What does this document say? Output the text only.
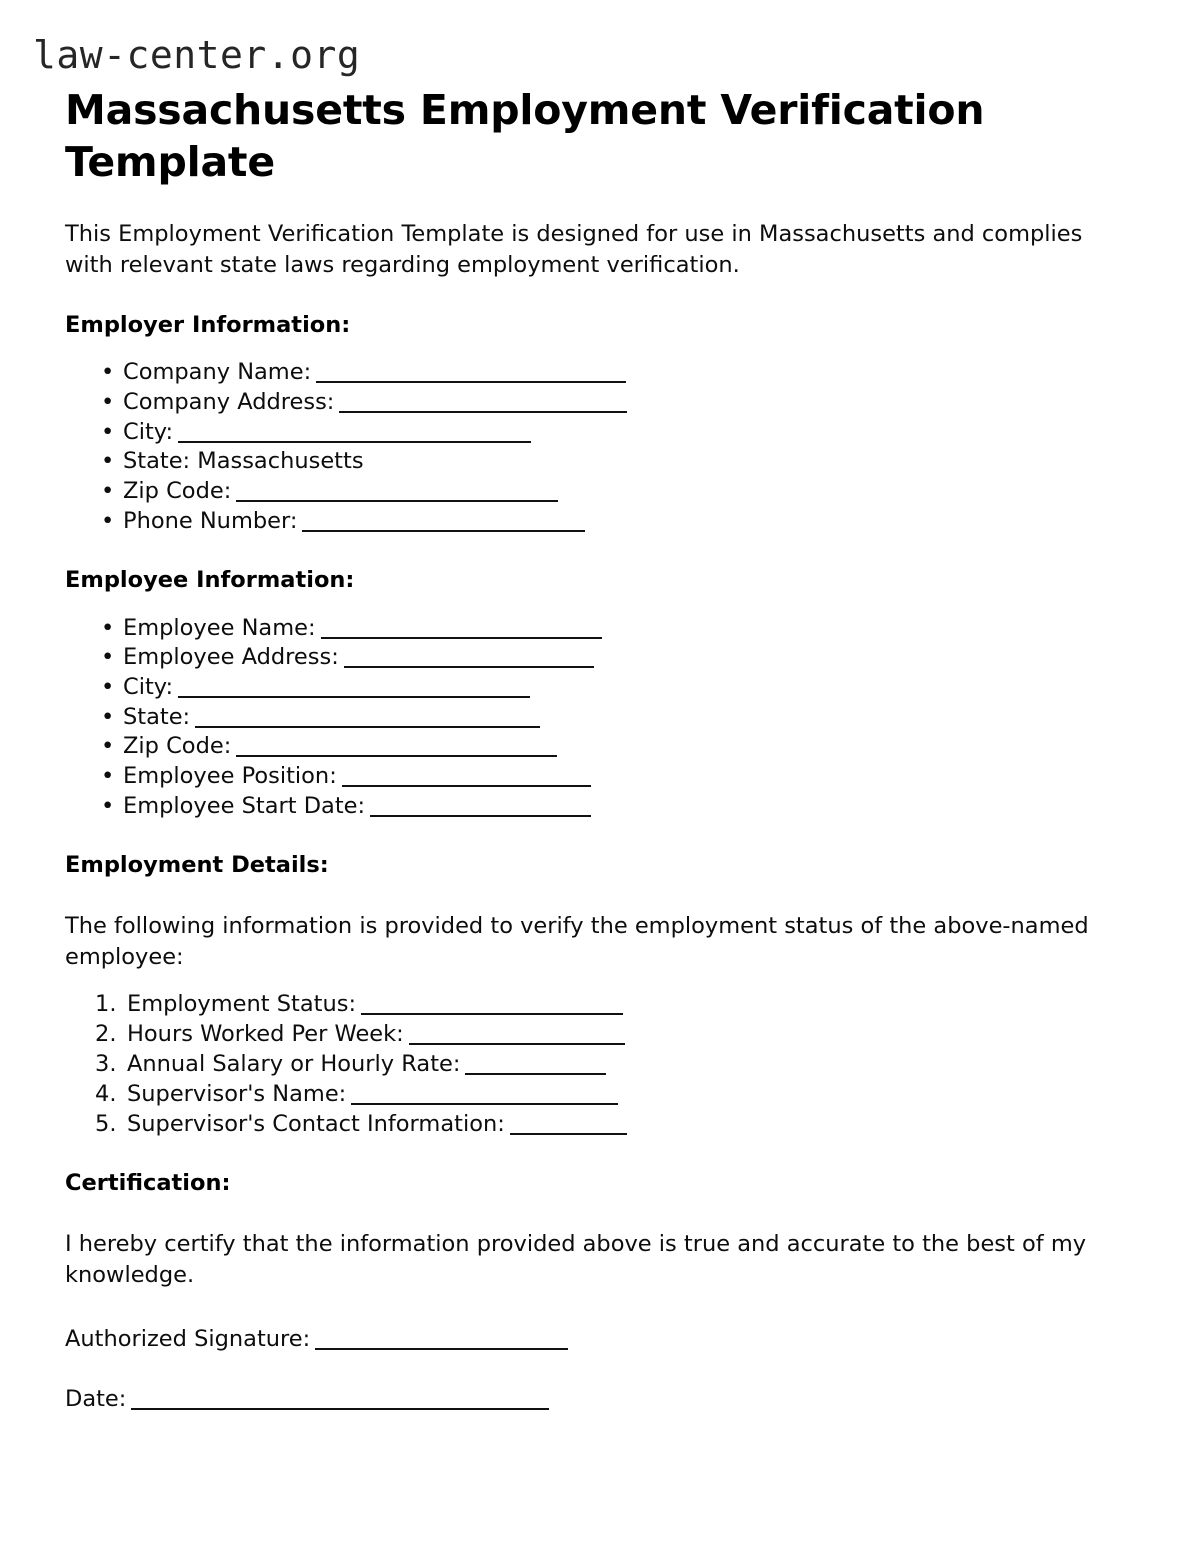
law-center.org
Massachusetts Employment Verification Template

This Employment Verification Template is designed for use in Massachusetts and complies with relevant state laws regarding employment verification.

Employer Information:
• Company Name:
• Company Address:
• City:
• State: Massachusetts
• Zip Code:
• Phone Number:
Employee Information:
• Employee Name:
• Employee Address:
• City:
• State:
• Zip Code:
• Employee Position:
• Employee Start Date:
Employment Details:

The following information is provided to verify the employment status of the above-named employee:

1. Employment Status:
2. Hours Worked Per Week:
3. Annual Salary or Hourly Rate:
4. Supervisor's Name:
5. Supervisor's Contact Information:
Certification:

I hereby certify that the information provided above is true and accurate to the best of my knowledge.

Authorized Signature:
Date:
